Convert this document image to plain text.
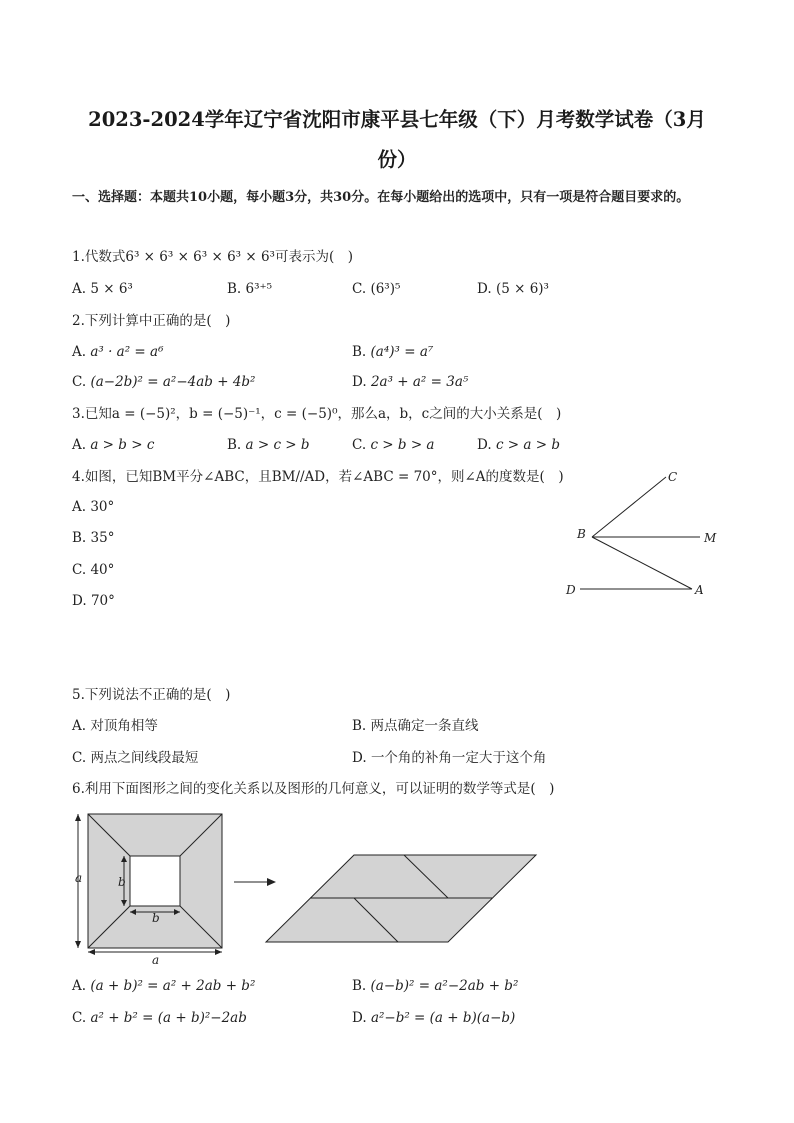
2023-2024学年辽宁省沈阳市康平县七年级（下）月考数学试卷（3月
份）
一、选择题：本题共10小题，每小题3分，共30分。在每小题给出的选项中，只有一项是符合题目要求的。
1.代数式6³ × 6³ × 6³ × 6³ × 6³可表示为(　)
A. 5 × 6³	B. 6³⁺⁵	C. (6³)⁵	D. (5 × 6)³
2.下列计算中正确的是(　)
A. a³ · a² = a⁶	B. (a⁴)³ = a⁷
C. (a−2b)² = a²−4ab + 4b²	D. 2a³ + a² = 3a⁵
3.已知a = (−5)²，b = (−5)⁻¹，c = (−5)⁰，那么a，b，c之间的大小关系是(　)
A. a > b > c	B. a > c > b	C. c > b > a	D. c > a > b
4.如图，已知BM平分∠ABC，且BM//AD，若∠ABC = 70°，则∠A的度数是(　)
A. 30°
B. 35°
C. 40°
D. 70°
C
B	M
D	A
5.下列说法不正确的是(　)
A. 对顶角相等	B. 两点确定一条直线
C. 两点之间线段最短	D. 一个角的补角一定大于这个角
6.利用下面图形之间的变化关系以及图形的几何意义，可以证明的数学等式是(　)
a	b
b
a
A. (a + b)² = a² + 2ab + b²	B. (a−b)² = a²−2ab + b²
C. a² + b² = (a + b)²−2ab	D. a²−b² = (a + b)(a−b)
